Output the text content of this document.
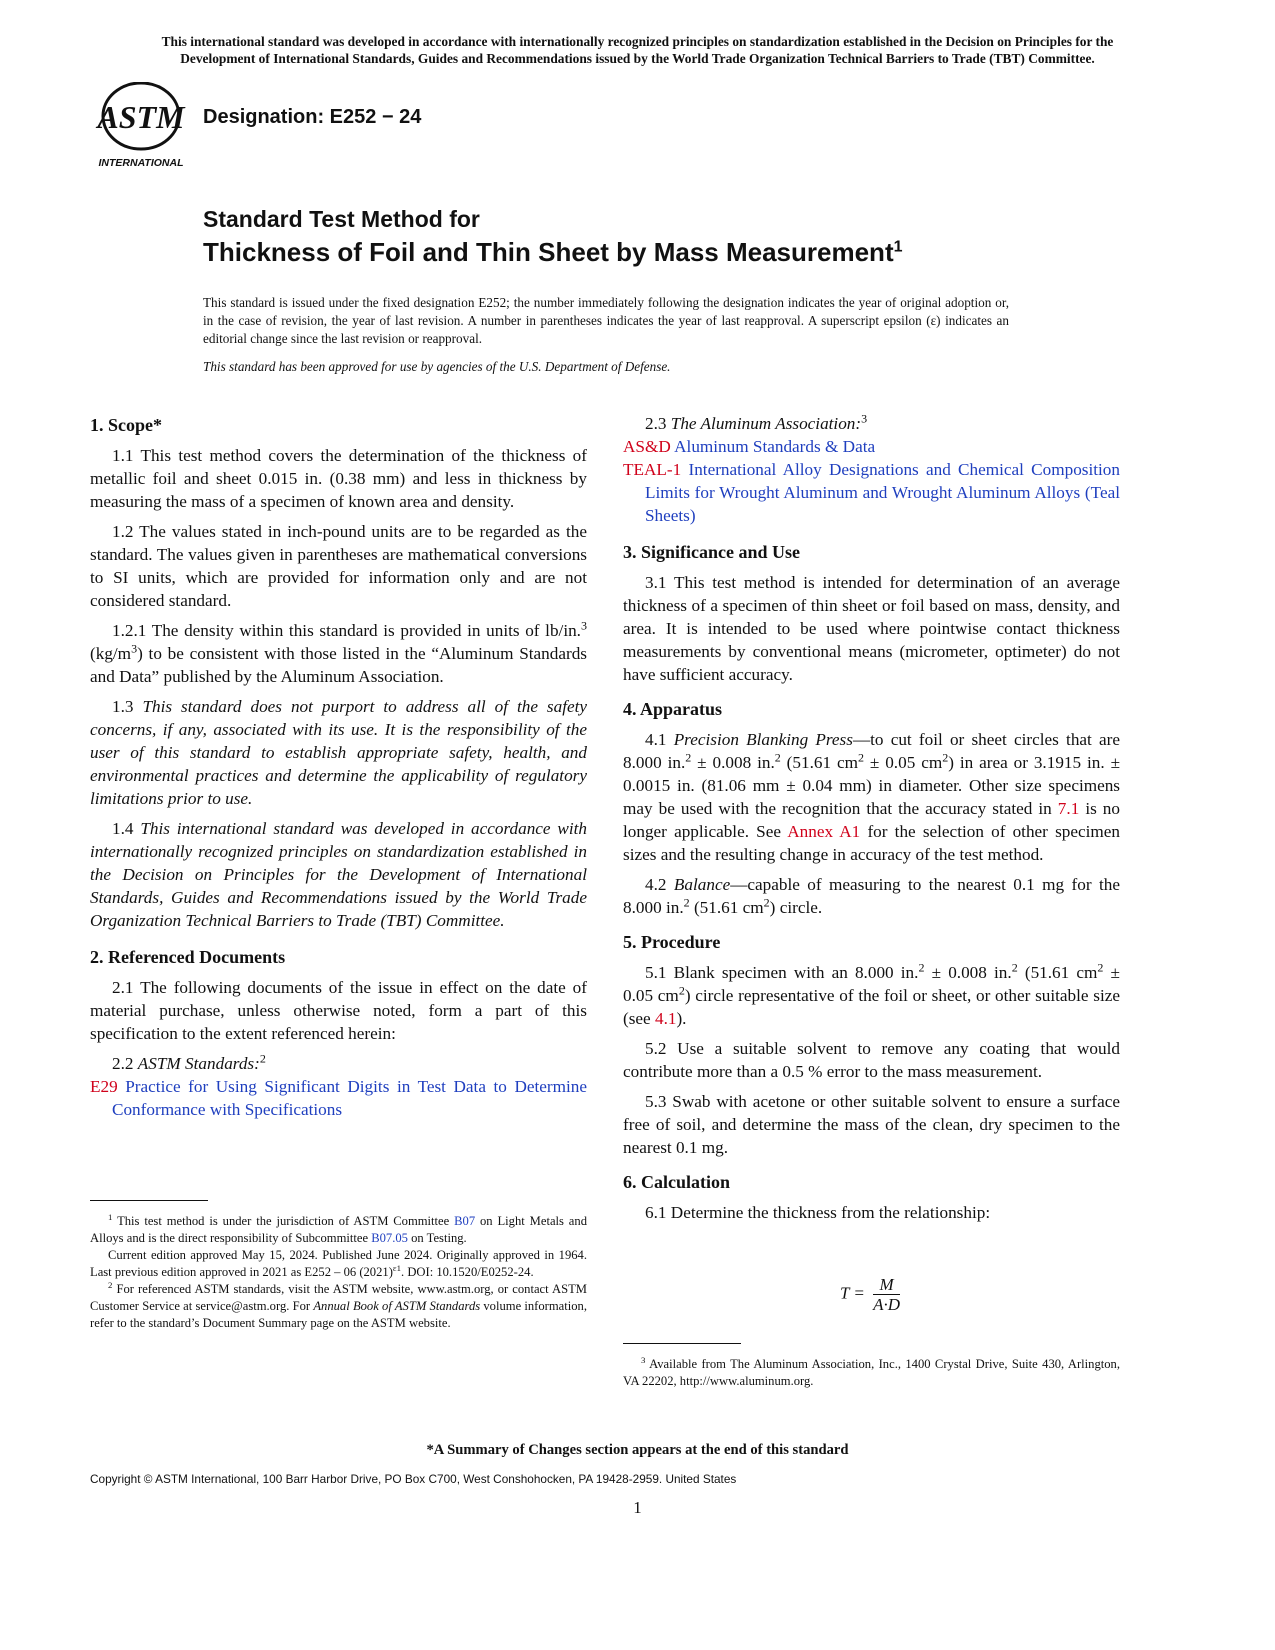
This international standard was developed in accordance with internationally recognized principles on standardization established in the Decision on Principles for the
Development of International Standards, Guides and Recommendations issued by the World Trade Organization Technical Barriers to Trade (TBT) Committee.
ASTM
INTERNATIONAL
Designation: E252 − 24
Standard Test Method for
Thickness of Foil and Thin Sheet by Mass Measurement$^1$
This standard is issued under the fixed designation E252; the number immediately following the designation indicates the year of original adoption or, in the case of revision, the year of last revision. A number in parentheses indicates the year of last reapproval. A superscript epsilon (ε) indicates an editorial change since the last revision or reapproval.
This standard has been approved for use by agencies of the U.S. Department of Defense.
1. Scope*

1.1 This test method covers the determination of the thickness of metallic foil and sheet 0.015 in. (0.38 mm) and less in thickness by measuring the mass of a specimen of known area and density.

1.2 The values stated in inch-pound units are to be regarded as the standard. The values given in parentheses are mathematical conversions to SI units, which are provided for information only and are not considered standard.

1.2.1 The density within this standard is provided in units of lb/in.$^3$ $(kg/m^3)$ to be consistent with those listed in the “Aluminum Standards and Data” published by the Aluminum Association.

1.3 This standard does not purport to address all of the safety concerns, if any, associated with its use. It is the responsibility of the user of this standard to establish appropriate safety, health, and environmental practices and determine the applicability of regulatory limitations prior to use.

1.4 This international standard was developed in accordance with internationally recognized principles on standardization established in the Decision on Principles for the Development of International Standards, Guides and Recommendations issued by the World Trade Organization Technical Barriers to Trade (TBT) Committee.

2. Referenced Documents

2.1 The following documents of the issue in effect on the date of material purchase, unless otherwise noted, form a part of this specification to the extent referenced herein:

2.2 ASTM Standards:$^2$

E29 Practice for Using Significant Digits in Test Data to Determine Conformance with Specifications

2.3 The Aluminum Association:$^3$

AS&D Aluminum Standards & Data
TEAL-1 International Alloy Designations and Chemical Composition Limits for Wrought Aluminum and Wrought Aluminum Alloys (Teal Sheets)
3. Significance and Use

3.1 This test method is intended for determination of an average thickness of a specimen of thin sheet or foil based on mass, density, and area. It is intended to be used where pointwise contact thickness measurements by conventional means (micrometer, optimeter) do not have sufficient accuracy.

4. Apparatus

4.1 Precision Blanking Press—to cut foil or sheet circles that are 8.000 in.$^2$ ± 0.008 in.$^2$ (51.61 $cm^2 \pm 0.05$ $cm^2$) in area or 3.1915 in. ± 0.0015 in. (81.06 mm ± 0.04 mm) in diameter. Other size specimens may be used with the recognition that the accuracy stated in 7.1 is no longer applicable. See Annex A1 for the selection of other specimen sizes and the resulting change in accuracy of the test method.

4.2 Balance—capable of measuring to the nearest 0.1 mg for the 8.000 in.$^2$ (51.61 $cm^2$) circle.

5. Procedure

5.1 Blank specimen with an 8.000 in.$^2$ ± 0.008 in.$^2$ (51.61 $cm^2 \pm 0.05$ $cm^2$) circle representative of the foil or sheet, or other suitable size (see 4.1).

5.2 Use a suitable solvent to remove any coating that would contribute more than a 0.5 % error to the mass measurement.

5.3 Swab with acetone or other suitable solvent to ensure a surface free of soil, and determine the mass of the clean, dry specimen to the nearest 0.1 mg.

6. Calculation

6.1 Determine the thickness from the relationship:

$T = \frac{M}{A\cdot D}$

$^1$ This test method is under the jurisdiction of ASTM Committee B07 on Light Metals and Alloys and is the direct responsibility of Subcommittee B07.05 on Testing.

Current edition approved May 15, 2024. Published June 2024. Originally approved in 1964. Last previous edition approved in 2021 as E252 – 06 $(2021)^{\varepsilon 1}$. DOI: 10.1520/E0252-24.

$^2$ For referenced ASTM standards, visit the ASTM website, www.astm.org, or contact ASTM Customer Service at service@astm.org. For Annual Book of ASTM Standards volume information, refer to the standard’s Document Summary page on the ASTM website.

$^3$ Available from The Aluminum Association, Inc., 1400 Crystal Drive, Suite 430, Arlington, VA 22202, http://www.aluminum.org.

*A Summary of Changes section appears at the end of this standard
Copyright © ASTM International, 100 Barr Harbor Drive, PO Box C700, West Conshohocken, PA 19428-2959. United States
1
